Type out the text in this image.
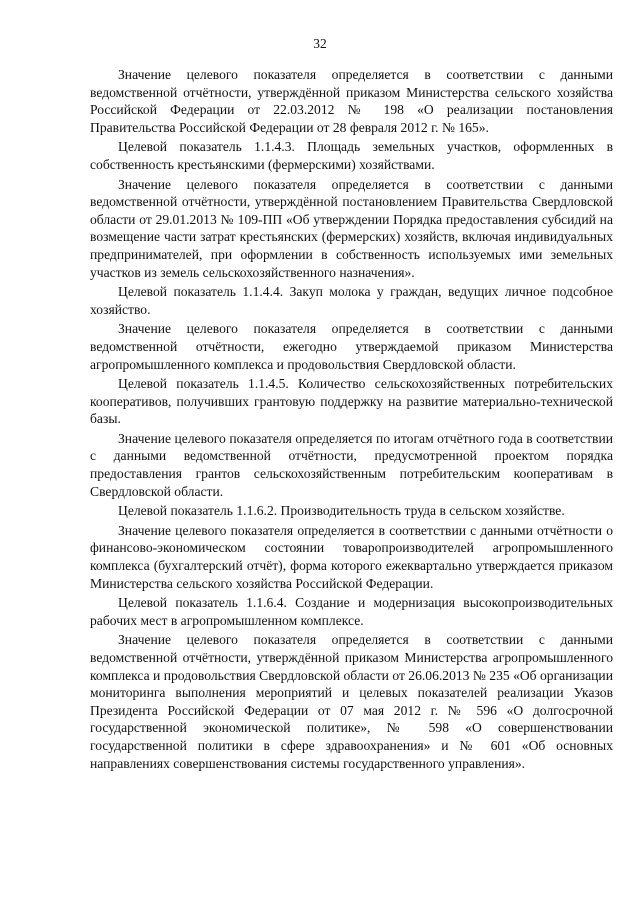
32

Значение целевого показателя определяется в соответствии с данными ведомственной отчётности, утверждённой приказом Министерства сельского хозяйства Российской Федерации от 22.03.2012 № 198 «О реализации постановления Правительства Российской Федерации от 28 февраля 2012 г. № 165».

Целевой показатель 1.1.4.3. Площадь земельных участков, оформленных в собственность крестьянскими (фермерскими) хозяйствами.

Значение целевого показателя определяется в соответствии с данными ведомственной отчётности, утверждённой постановлением Правительства Свердловской области от 29.01.2013 № 109-ПП «Об утверждении Порядка предоставления субсидий на возмещение части затрат крестьянских (фермерских) хозяйств, включая индивидуальных предпринимателей, при оформлении в собственность используемых ими земельных участков из земель сельскохозяйственного назначения».

Целевой показатель 1.1.4.4. Закуп молока у граждан, ведущих личное подсобное хозяйство.

Значение целевого показателя определяется в соответствии с данными ведомственной отчётности, ежегодно утверждаемой приказом Министерства агропромышленного комплекса и продовольствия Свердловской области.

Целевой показатель 1.1.4.5. Количество сельскохозяйственных потребительских кооперативов, получивших грантовую поддержку на развитие материально-технической базы.

Значение целевого показателя определяется по итогам отчётного года в соответствии с данными ведомственной отчётности, предусмотренной проектом порядка предоставления грантов сельскохозяйственным потребительским кооперативам в Свердловской области.

Целевой показатель 1.1.6.2. Производительность труда в сельском хозяйстве.

Значение целевого показателя определяется в соответствии с данными отчётности о финансово-экономическом состоянии товаропроизводителей агропромышленного комплекса (бухгалтерский отчёт), форма которого ежеквартально утверждается приказом Министерства сельского хозяйства Российской Федерации.

Целевой показатель 1.1.6.4. Создание и модернизация высокопроизводительных рабочих мест в агропромышленном комплексе.

Значение целевого показателя определяется в соответствии с данными ведомственной отчётности, утверждённой приказом Министерства агропромышленного комплекса и продовольствия Свердловской области от 26.06.2013 № 235 «Об организации мониторинга выполнения мероприятий и целевых показателей реализации Указов Президента Российской Федерации от 07 мая 2012 г. № 596 «О долгосрочной государственной экономической политике», № 598 «О совершенствовании государственной политики в сфере здравоохранения» и № 601 «Об основных направлениях совершенствования системы государственного управления».
